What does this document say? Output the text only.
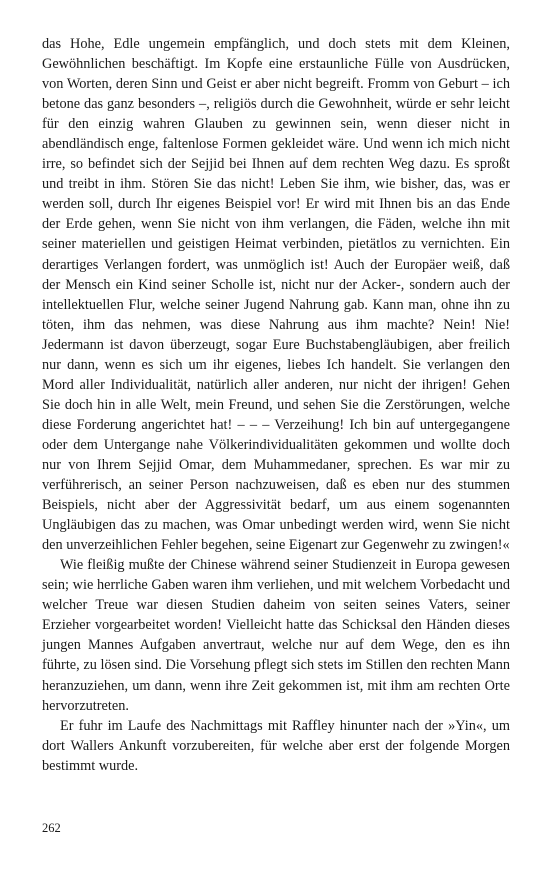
das Hohe, Edle ungemein empfänglich, und doch stets mit dem Kleinen, Gewöhnlichen beschäftigt. Im Kopfe eine erstaunliche Fülle von Ausdrücken, von Worten, deren Sinn und Geist er aber nicht begreift. Fromm von Geburt – ich betone das ganz besonders –, religiös durch die Gewohnheit, würde er sehr leicht für den einzig wahren Glauben zu gewinnen sein, wenn dieser nicht in abendländisch enge, faltenlose Formen gekleidet wäre. Und wenn ich mich nicht irre, so befindet sich der Sejjid bei Ihnen auf dem rechten Weg dazu. Es sproßt und treibt in ihm. Stören Sie das nicht! Leben Sie ihm, wie bisher, das, was er werden soll, durch Ihr eigenes Beispiel vor! Er wird mit Ihnen bis an das Ende der Erde gehen, wenn Sie nicht von ihm verlangen, die Fäden, welche ihn mit seiner materiellen und geistigen Heimat verbinden, pietätlos zu vernichten. Ein derartiges Verlangen fordert, was unmöglich ist! Auch der Europäer weiß, daß der Mensch ein Kind seiner Scholle ist, nicht nur der Acker-, sondern auch der intellektuellen Flur, welche seiner Jugend Nahrung gab. Kann man, ohne ihn zu töten, ihm das nehmen, was diese Nahrung aus ihm machte? Nein! Nie! Jedermann ist davon überzeugt, sogar Eure Buchstabengläubigen, aber freilich nur dann, wenn es sich um ihr eigenes, liebes Ich handelt. Sie verlangen den Mord aller Individualität, natürlich aller anderen, nur nicht der ihrigen! Gehen Sie doch hin in alle Welt, mein Freund, und sehen Sie die Zerstörungen, welche diese Forderung angerichtet hat! – – – Verzeihung! Ich bin auf untergegangene oder dem Untergange nahe Völkerindividualitäten gekommen und wollte doch nur von Ihrem Sejjid Omar, dem Muhammedaner, sprechen. Es war mir zu verführerisch, an seiner Person nachzuweisen, daß es eben nur des stummen Beispiels, nicht aber der Aggressivität bedarf, um aus einem sogenannten Ungläubigen das zu machen, was Omar unbedingt werden wird, wenn Sie nicht den unverzeihlichen Fehler begehen, seine Eigenart zur Gegenwehr zu zwingen!«

Wie fleißig mußte der Chinese während seiner Studienzeit in Europa gewesen sein; wie herrliche Gaben waren ihm verliehen, und mit welchem Vorbedacht und welcher Treue war diesen Studien daheim von seiten seines Vaters, seiner Erzieher vorgearbeitet worden! Vielleicht hatte das Schicksal den Händen dieses jungen Mannes Aufgaben anvertraut, welche nur auf dem Wege, den es ihn führte, zu lösen sind. Die Vorsehung pflegt sich stets im Stillen den rechten Mann heranzuziehen, um dann, wenn ihre Zeit gekommen ist, mit ihm am rechten Orte hervorzutreten.

Er fuhr im Laufe des Nachmittags mit Raffley hinunter nach der »Yin«, um dort Wallers Ankunft vorzubereiten, für welche aber erst der folgende Morgen bestimmt wurde.

262
